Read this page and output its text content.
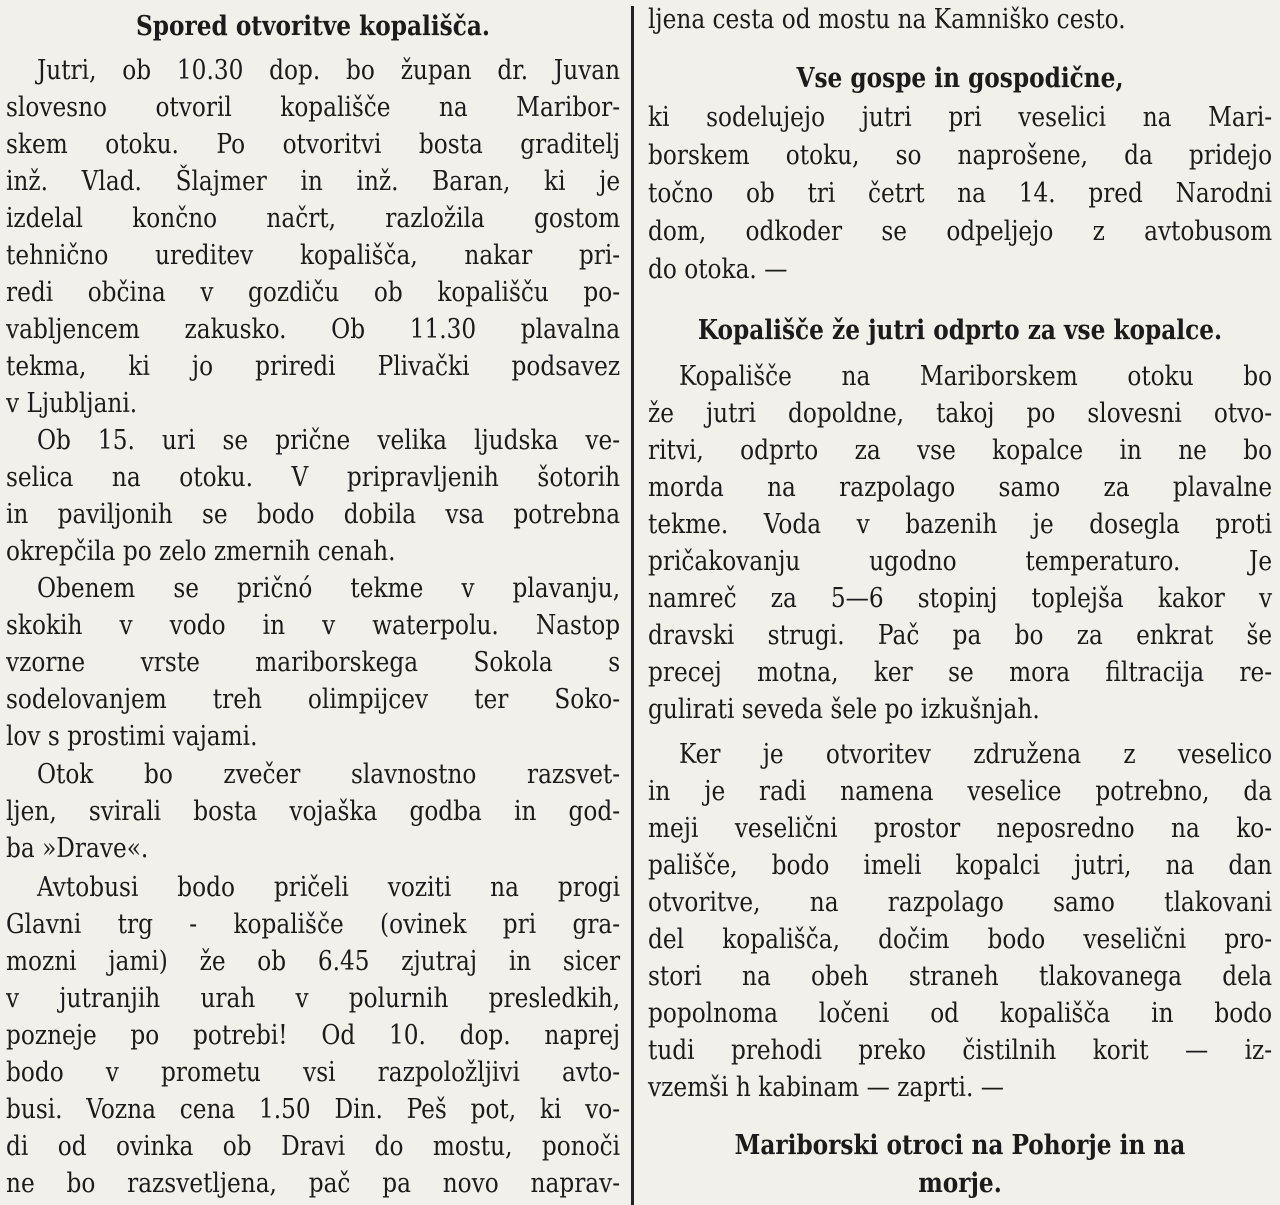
Spored otvoritve kopališča.
Jutri, ob 10.30 dop. bo župan dr. Juvan
slovesno otvoril kopališče na Maribor-
skem otoku. Po otvoritvi bosta graditelj
inž. Vlad. Šlajmer in inž. Baran, ki je
izdelal končno načrt, razložila gostom
tehnično ureditev kopališča, nakar pri-
redi občina v gozdiču ob kopališču po-
vabljencem zakusko. Ob 11.30 plavalna
tekma, ki jo priredi Plivački podsavez
v Ljubljani.
Ob 15. uri se prične velika ljudska ve-
selica na otoku. V pripravljenih šotorih
in paviljonih se bodo dobila vsa potrebna
okrepčila po zelo zmernih cenah.
Obenem se pričnó tekme v plavanju,
skokih v vodo in v waterpolu. Nastop
vzorne vrste mariborskega Sokola s
sodelovanjem treh olimpijcev ter Soko-
lov s prostimi vajami.
Otok bo zvečer slavnostno razsvet-
ljen, svirali bosta vojaška godba in god-
ba »Drave«.
Avtobusi bodo pričeli voziti na progi
Glavni trg - kopališče (ovinek pri gra-
mozni jami) že ob 6.45 zjutraj in sicer
v jutranjih urah v polurnih presledkih,
pozneje po potrebi! Od 10. dop. naprej
bodo v prometu vsi razpoložljivi avto-
busi. Vozna cena 1.50 Din. Peš pot, ki vo-
di od ovinka ob Dravi do mostu, ponoči
ne bo razsvetljena, pač pa novo naprav-
ljena cesta od mostu na Kamniško cesto.
Vse gospe in gospodične,
ki sodelujejo jutri pri veselici na Mari-
borskem otoku, so naprošene, da pridejo
točno ob tri četrt na 14. pred Narodni
dom, odkoder se odpeljejo z avtobusom
do otoka. —
Kopališče že jutri odprto za vse kopalce.
Kopališče na Mariborskem otoku bo
že jutri dopoldne, takoj po slovesni otvo-
ritvi, odprto za vse kopalce in ne bo
morda na razpolago samo za plavalne
tekme. Voda v bazenih je dosegla proti
pričakovanju ugodno temperaturo. Je
namreč za 5—6 stopinj toplejša kakor v
dravski strugi. Pač pa bo za enkrat še
precej motna, ker se mora filtracija re-
gulirati seveda šele po izkušnjah.
Ker je otvoritev združena z veselico
in je radi namena veselice potrebno, da
meji veselični prostor neposredno na ko-
pališče, bodo imeli kopalci jutri, na dan
otvoritve, na razpolago samo tlakovani
del kopališča, dočim bodo veselični pro-
stori na obeh straneh tlakovanega dela
popolnoma ločeni od kopališča in bodo
tudi prehodi preko čistilnih korit — iz-
vzemši h kabinam — zaprti. —
Mariborski otroci na Pohorje in na
morje.
